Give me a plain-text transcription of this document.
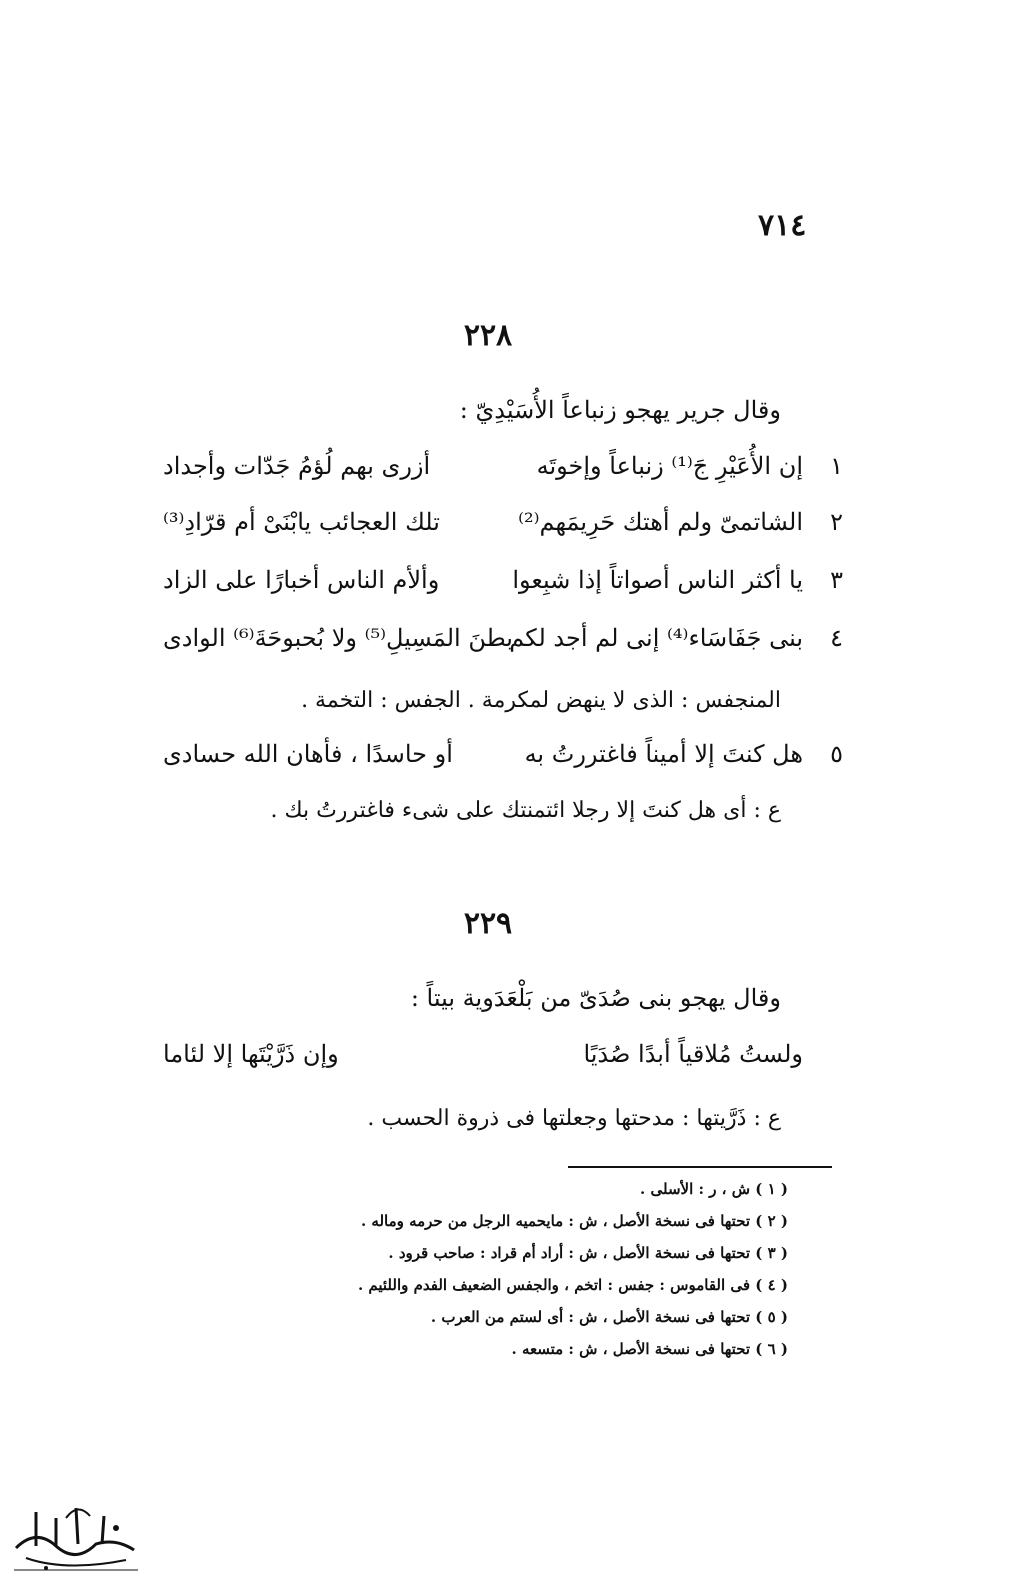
٧١٤
٢٢٨
وقال جرير يهجو زنباعاً الأُسَيْدِيّ :
١
إن الأُعَيْرِ جَ⁽¹⁾ زنباعاً وإخوتَه
أزرى بهم لُؤمُ جَدّات وأجداد
٢
الشاتمىّ ولم أهتك حَرِيمَهم⁽²⁾
تلك العجائب يابْنَىْ أم قرّادِ⁽³⁾
٣
يا أكثر الناس أصواتاً إذا شبِعوا
وألأم الناس أخبارًا على الزاد
٤
بنى جَفَاسَاء⁽⁴⁾ إنى لم أجد لكم
بطنَ المَسِيلِ⁽⁵⁾ ولا بُحبوحَةَ⁽⁶⁾ الوادى
المنجفس : الذى لا ينهض لمكرمة . الجفس : التخمة .
٥
هل كنتَ إلا أميناً فاغتررتُ به
أو حاسدًا ، فأهان الله حسادى
ع : أى هل كنتَ إلا رجلا ائتمنتك على شىء فاغتررتُ بك .
٢٢٩
وقال يهجو بنى صُدَىّ من بَلْعَدَوية بيتاً :
ولستُ مُلاقياً أبدًا صُدَيًا
وإن ذَرَّيْتَها إلا لئاما
ع : ذَرَّيتها : مدحتها وجعلتها فى ذروة الحسب .
( ١ ) ش ، ر : الأسلى .
( ٢ ) تحتها فى نسخة الأصل ، ش : مايحميه الرجل من حرمه وماله .
( ٣ ) تحتها فى نسخة الأصل ، ش : أراد أم قراد : صاحب قرود .
( ٤ ) فى القاموس : جفس : اتخم ، والجفس الضعيف الفدم واللئيم .
( ٥ ) تحتها فى نسخة الأصل ، ش : أى لستم من العرب .
( ٦ ) تحتها فى نسخة الأصل ، ش : متسعه .
